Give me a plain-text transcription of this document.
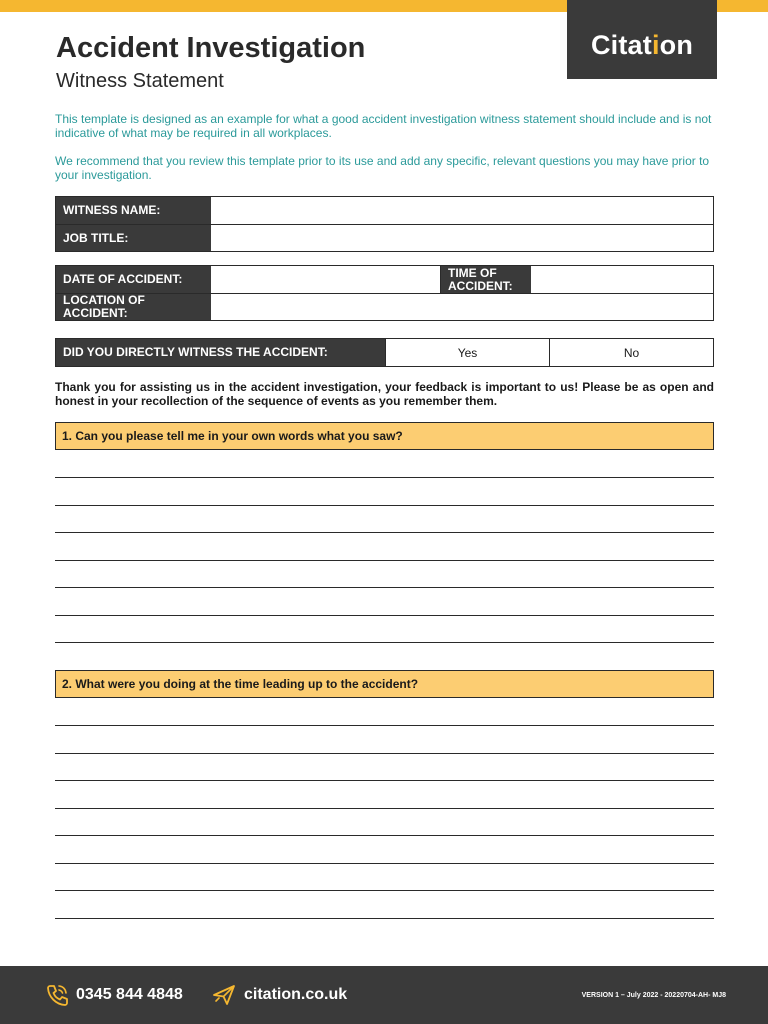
Citation
Accident Investigation
Witness Statement

This template is designed as an example for what a good accident investigation witness statement should include and is not indicative of what may be required in all workplaces.

We recommend that you review this template prior to its use and add any specific, relevant questions you may have prior to your investigation.

WITNESS NAME:
JOB TITLE:
DATE OF ACCIDENT:	TIME OF ACCIDENT:
LOCATION OF ACCIDENT:
DID YOU DIRECTLY WITNESS THE ACCIDENT:	Yes	No

Thank you for assisting us in the accident investigation, your feedback is important to us! Please be as open and honest in your recollection of the sequence of events as you remember them.

1. Can you please tell me in your own words what you saw?
2. What were you doing at the time leading up to the accident?
0345 844 4848	citation.co.uk	VERSION 1 – July 2022 - 20220704-AH- MJ8
